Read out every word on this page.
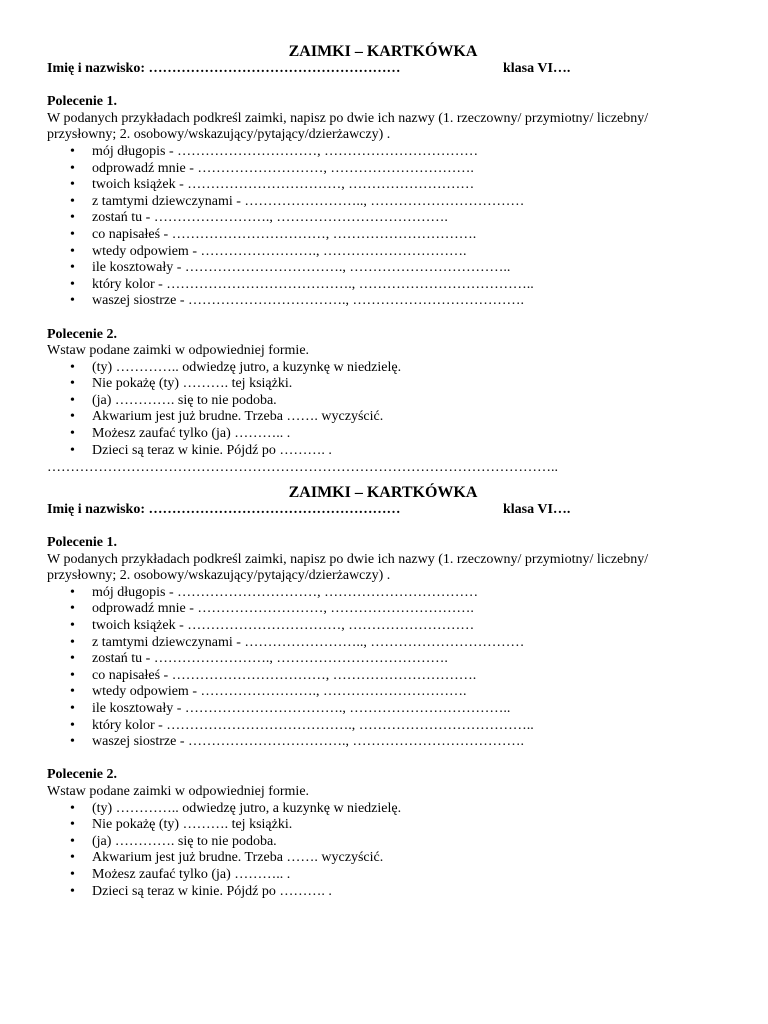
ZAIMKI – KARTKÓWKA
Imię i nazwisko: ………………………………………………	klasa VI….
Polecenie 1.
W podanych przykładach podkreśl zaimki, napisz po dwie ich nazwy (1. rzeczowny/ przymiotny/ liczebny/ przysłowny; 2. osobowy/wskazujący/pytający/dzierżawczy) .
• mój długopis - …………………………, ……………………………
• odprowadź mnie - ………………………, ………………………….
• twoich książek - ……………………………, ………………………
• z tamtymi dziewczynami - …………………….., ……………………………
• zostań tu - ……………………., ……………………………….
• co napisałeś - ……………………………, ………………………….
• wtedy odpowiem - ……………………., ………………………….
• ile kosztowały - ……………………………., ……………………………..
• który kolor - …………………………………., ………………………………..
• waszej siostrze - ……………………………., ……………………………….
Polecenie 2.
Wstaw podane zaimki w odpowiedniej formie.
• (ty) ………….. odwiedzę jutro, a kuzynkę w niedzielę.
• Nie pokażę (ty) ………. tej książki.
• (ja) …………. się to nie podoba.
• Akwarium jest już brudne. Trzeba ……. wyczyścić.
• Możesz zaufać tylko (ja) ……….. .
• Dzieci są teraz w kinie. Pójdź po ………. .
………………………………………………………………………………………………..
ZAIMKI – KARTKÓWKA
Imię i nazwisko: ………………………………………………	klasa VI….
Polecenie 1.
W podanych przykładach podkreśl zaimki, napisz po dwie ich nazwy (1. rzeczowny/ przymiotny/ liczebny/ przysłowny; 2. osobowy/wskazujący/pytający/dzierżawczy) .
• mój długopis - …………………………, ……………………………
• odprowadź mnie - ………………………, ………………………….
• twoich książek - ……………………………, ………………………
• z tamtymi dziewczynami - …………………….., ……………………………
• zostań tu - ……………………., ……………………………….
• co napisałeś - ……………………………, ………………………….
• wtedy odpowiem - ……………………., ………………………….
• ile kosztowały - ……………………………., ……………………………..
• który kolor - …………………………………., ………………………………..
• waszej siostrze - ……………………………., ……………………………….
Polecenie 2.
Wstaw podane zaimki w odpowiedniej formie.
• (ty) ………….. odwiedzę jutro, a kuzynkę w niedzielę.
• Nie pokażę (ty) ………. tej książki.
• (ja) …………. się to nie podoba.
• Akwarium jest już brudne. Trzeba ……. wyczyścić.
• Możesz zaufać tylko (ja) ……….. .
• Dzieci są teraz w kinie. Pójdź po ………. .
